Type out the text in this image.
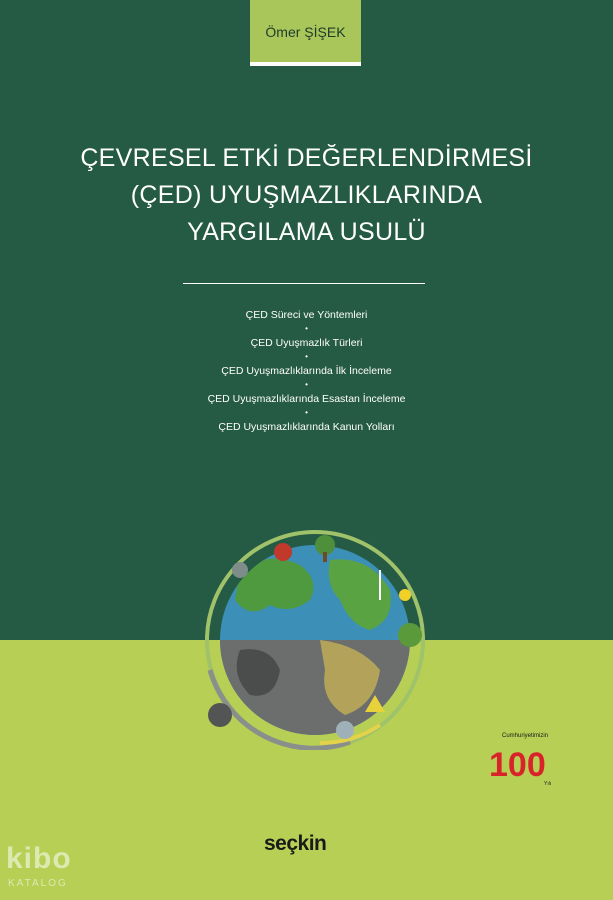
Ömer ŞİŞEK
ÇEVRESEL ETKİ DEĞERLENDİRMESİ
(ÇED) UYUŞMAZLIKLARINDA
YARGILAMA USULÜ
ÇED Süreci ve Yöntemleri
•
ÇED Uyuşmazlık Türleri
•
ÇED Uyuşmazlıklarında İlk İnceleme
•
ÇED Uyuşmazlıklarında Esastan İnceleme
•
ÇED Uyuşmazlıklarında Kanun Yolları
100
Cumhuriyetimizin
Yılı
seçkin
kibo
KATALOG
